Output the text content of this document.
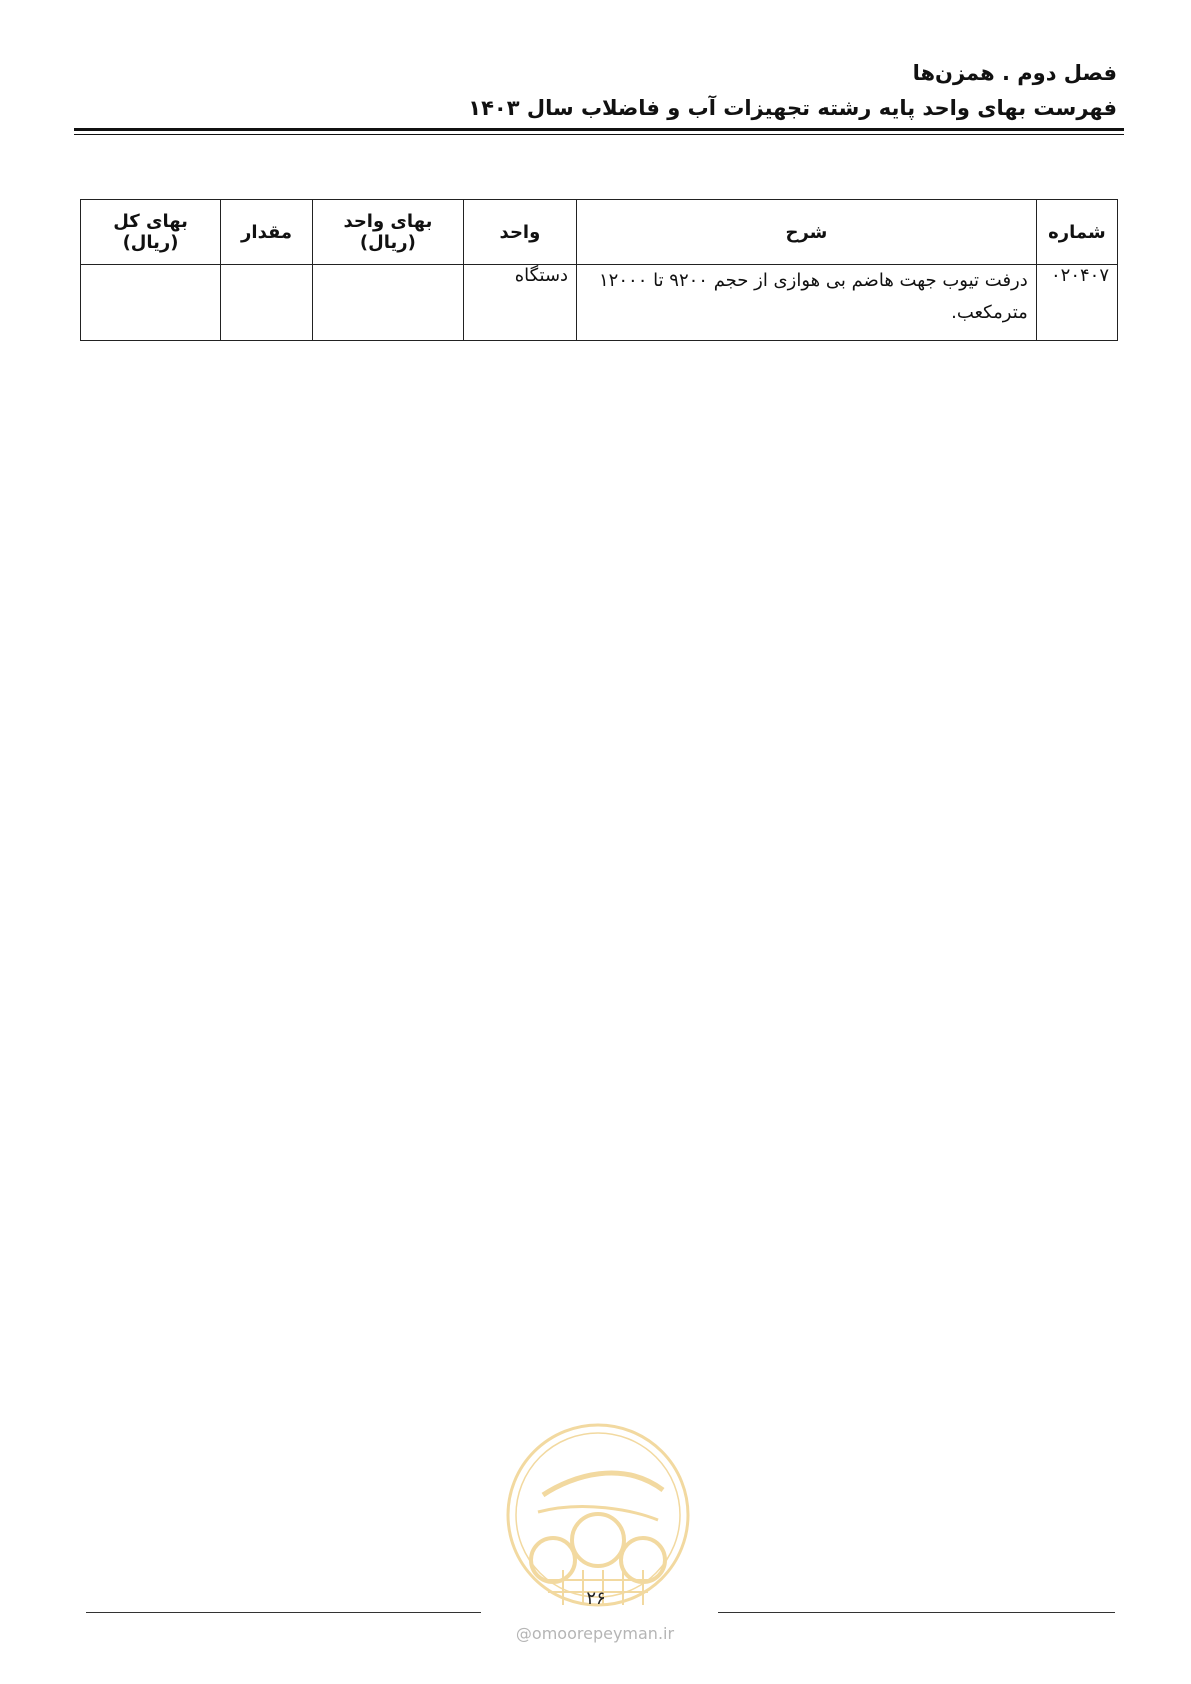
فصل دوم . همزن‌ها
فهرست بهای واحد پایه رشته تجهیزات آب و فاضلاب سال ۱۴۰۳
شماره	شرح	واحد	بهای واحد (ریال)	مقدار	بهای کل (ریال)
۰۲۰۴۰۷	درفت تیوب جهت هاضم بی هوازی از حجم ۹۲۰۰ تا ۱۲۰۰۰ مترمکعب.	دستگاه			
۲۶
@omoorepeyman.ir
